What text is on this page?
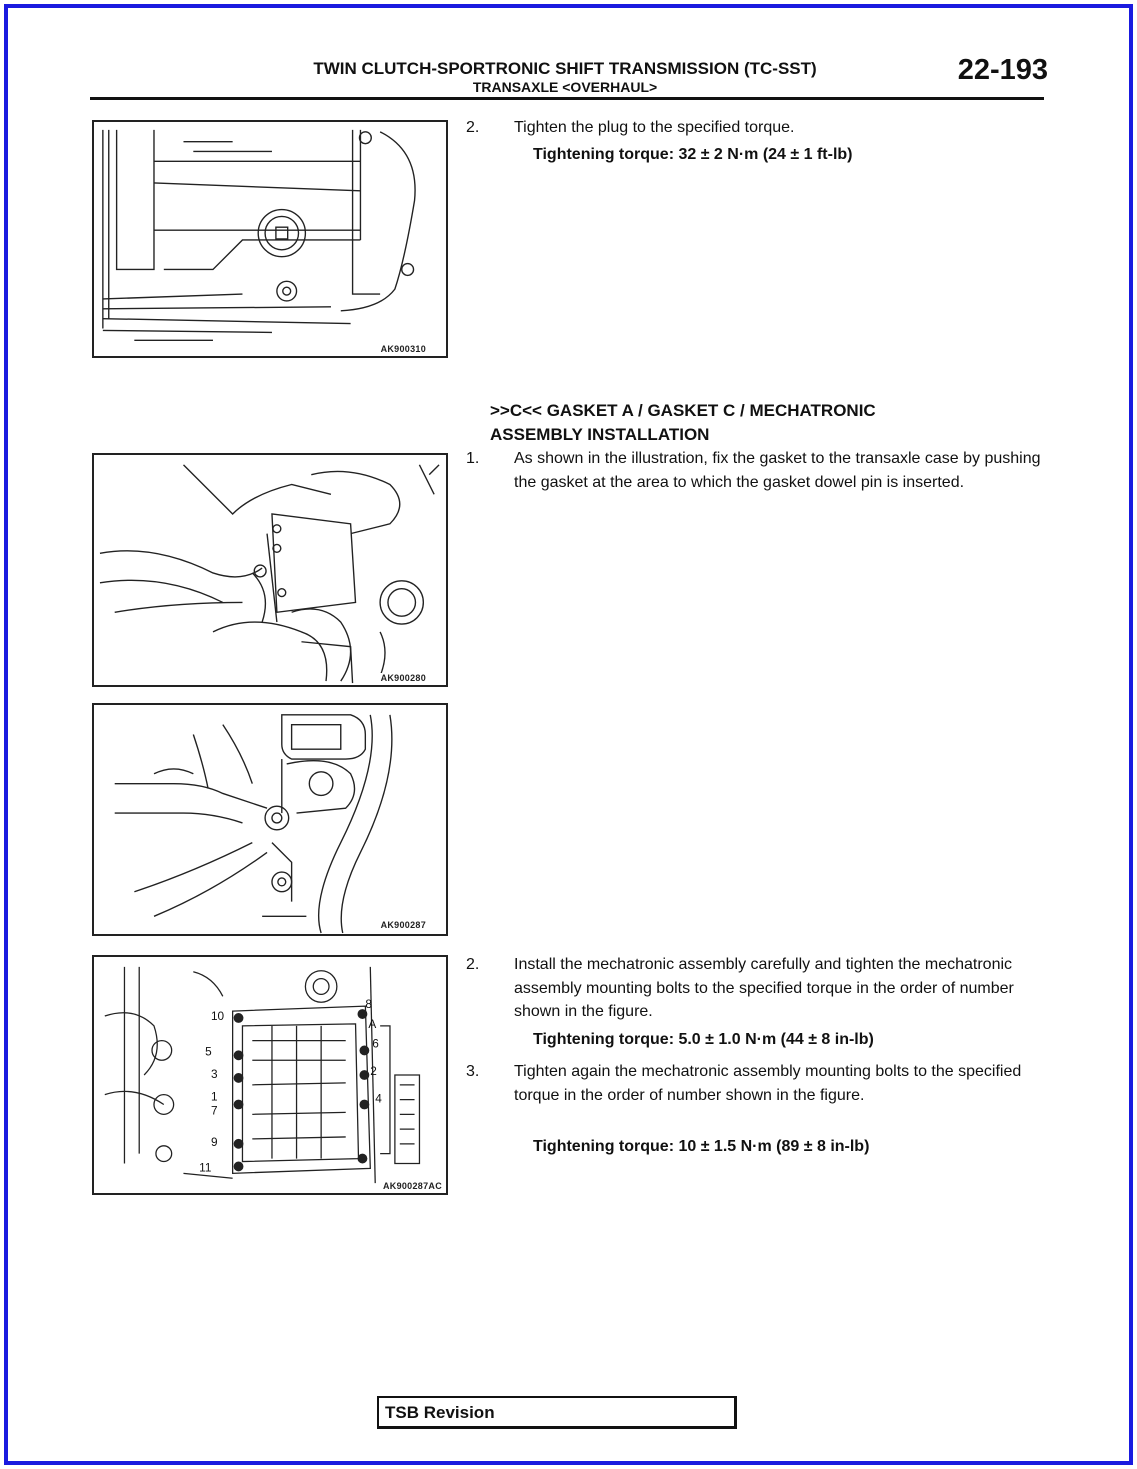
TWIN CLUTCH-SPORTRONIC SHIFT TRANSMISSION (TC-SST)
TRANSAXLE <OVERHAUL>
22-193
AK900310
AK900280
AK900287
10
8
A
5
6
3
1
2
4
7
9
11
AK900287AC
2. Tighten the plug to the specified torque.
Tightening torque: 32 ± 2 N·m (24 ± 1 ft-lb)
>>C<< GASKET A / GASKET C / MECHATRONIC
ASSEMBLY INSTALLATION
1. As shown in the illustration, fix the gasket to the transaxle case by pushing the gasket at the area to which the gasket dowel pin is inserted.
2. Install the mechatronic assembly carefully and tighten the mechatronic assembly mounting bolts to the specified torque in the order of number shown in the figure.
Tightening torque: 5.0 ± 1.0 N·m (44 ± 8 in-lb)
3. Tighten again the mechatronic assembly mounting bolts to the specified torque in the order of number shown in the figure.
Tightening torque: 10 ± 1.5 N·m (89 ± 8 in-lb)
TSB Revision
